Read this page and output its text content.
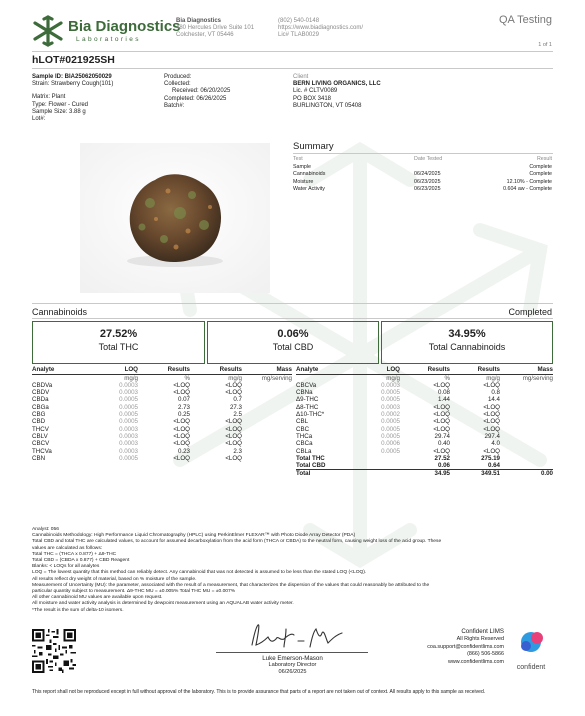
Bia Diagnostics
Laboratories
Bia Diagnostics
480 Hercules Drive Suite 101
Colchester, VT 05446
(802) 540-0148
https://www.biadiagnostics.com/
Lic# TLAB0029
QA Testing
1 of 1
hLOT#021925SH
Sample ID: BIA25062050029
Strain: Strawberry Cough(101)
Matrix: Plant
Type: Flower - Cured
Sample Size: 3.88 g
Lot#:
Produced:
Collected:
Received: 06/20/2025
Completed: 06/26/2025
Batch#:
Client
BERN LIVING ORGANICS, LLC
Lic. # CLTV0089
PO BOX 3418
BURLINGTON, VT 05408
Summary
Test	Date Tested	Result
Sample		Complete
Cannabinoids	06/24/2025	Complete
Moisture	06/23/2025	12.10% - Complete
Water Activity	06/23/2025	0.604 aw - Complete
Cannabinoids	Completed
27.52%
Total THC
0.06%
Total CBD
34.95%
Total Cannabinoids
Analyte	LOQ	Results	Results	Mass
	mg/g	%	mg/g	mg/serving
CBDVa	0.0003	<LOQ	<LOQ	
CBDV	0.0003	<LOQ	<LOQ	
CBDa	0.0005	0.07	0.7	
CBGa	0.0005	2.73	27.3	
CBG	0.0005	0.25	2.5	
CBD	0.0005	<LOQ	<LOQ	
THCV	0.0003	<LOQ	<LOQ	
CBLV	0.0003	<LOQ	<LOQ	
CBCV	0.0003	<LOQ	<LOQ	
THCVa	0.0003	0.23	2.3	
CBN	0.0005	<LOQ	<LOQ	
Analyte	LOQ	Results	Results	Mass
	mg/g	%	mg/g	mg/serving
CBCVa	0.0003	<LOQ	<LOQ	
CBNa	0.0005	0.08	0.8	
Δ9-THC	0.0005	1.44	14.4	
Δ8-THC	0.0003	<LOQ	<LOQ	
Δ10-THC*	0.0002	<LOQ	<LOQ	
CBL	0.0005	<LOQ	<LOQ	
CBC	0.0005	<LOQ	<LOQ	
THCa	0.0005	29.74	297.4	
CBCa	0.0006	0.40	4.0	
CBLa	0.0005	<LOQ	<LOQ	
Total THC		27.52	275.19	
Total CBD		0.06	0.64	
Total		34.95	349.51	0.00
Analyst: 056
Cannabinoids Methodology: High Performance Liquid Chromatography (HPLC) using PerkinElmer FLEXAR™ with Photo Diode Array Detector (PDA)
Total CBD and total THC are calculated values, to account for assumed decarboxylation from the acid form (THCA or CBDA) to the neutral form, causing weight loss of the acid group. These
values are calculated as follows:
Total THC = (THCA x 0.877) + Δ9-THC
Total CBD = (CBDA x 0.877) + CBD Reagent
Blanks: < LOQs for all analytes
LOQ = The lowest quantity that this method can reliably detect. Any cannabinoid that was not detected is assumed to be less than the stated LOQ (<LOQ).
All results reflect dry weight of material, based on % moisture of the sample.
Measurement of Uncertainty (MU): the parameter, associated with the result of a measurement, that characterizes the dispersion of the values that could reasonably be attributed to the
particular quantity subject to measurement. Δ9-THC MU = ±0.005% Total THC MU = ±0.007%
All other cannabinoid MU values are available upon request.
All moisture and water activity analysis is determined by dewpoint measurement using an AQUALAB water activity meter.
*The result is the sum of delta-10 isomers.
Luke Emerson-Mason
Laboratory Director
06/26/2025
Confident LIMS
All Rights Reserved
coa.support@confidentlims.com
(866) 506-5866
www.confidentlims.com
confident
This report shall not be reproduced except in full without approval of the laboratory. This is to provide assurance that parts of a report are not taken out of context. All results apply to this sample as received.
